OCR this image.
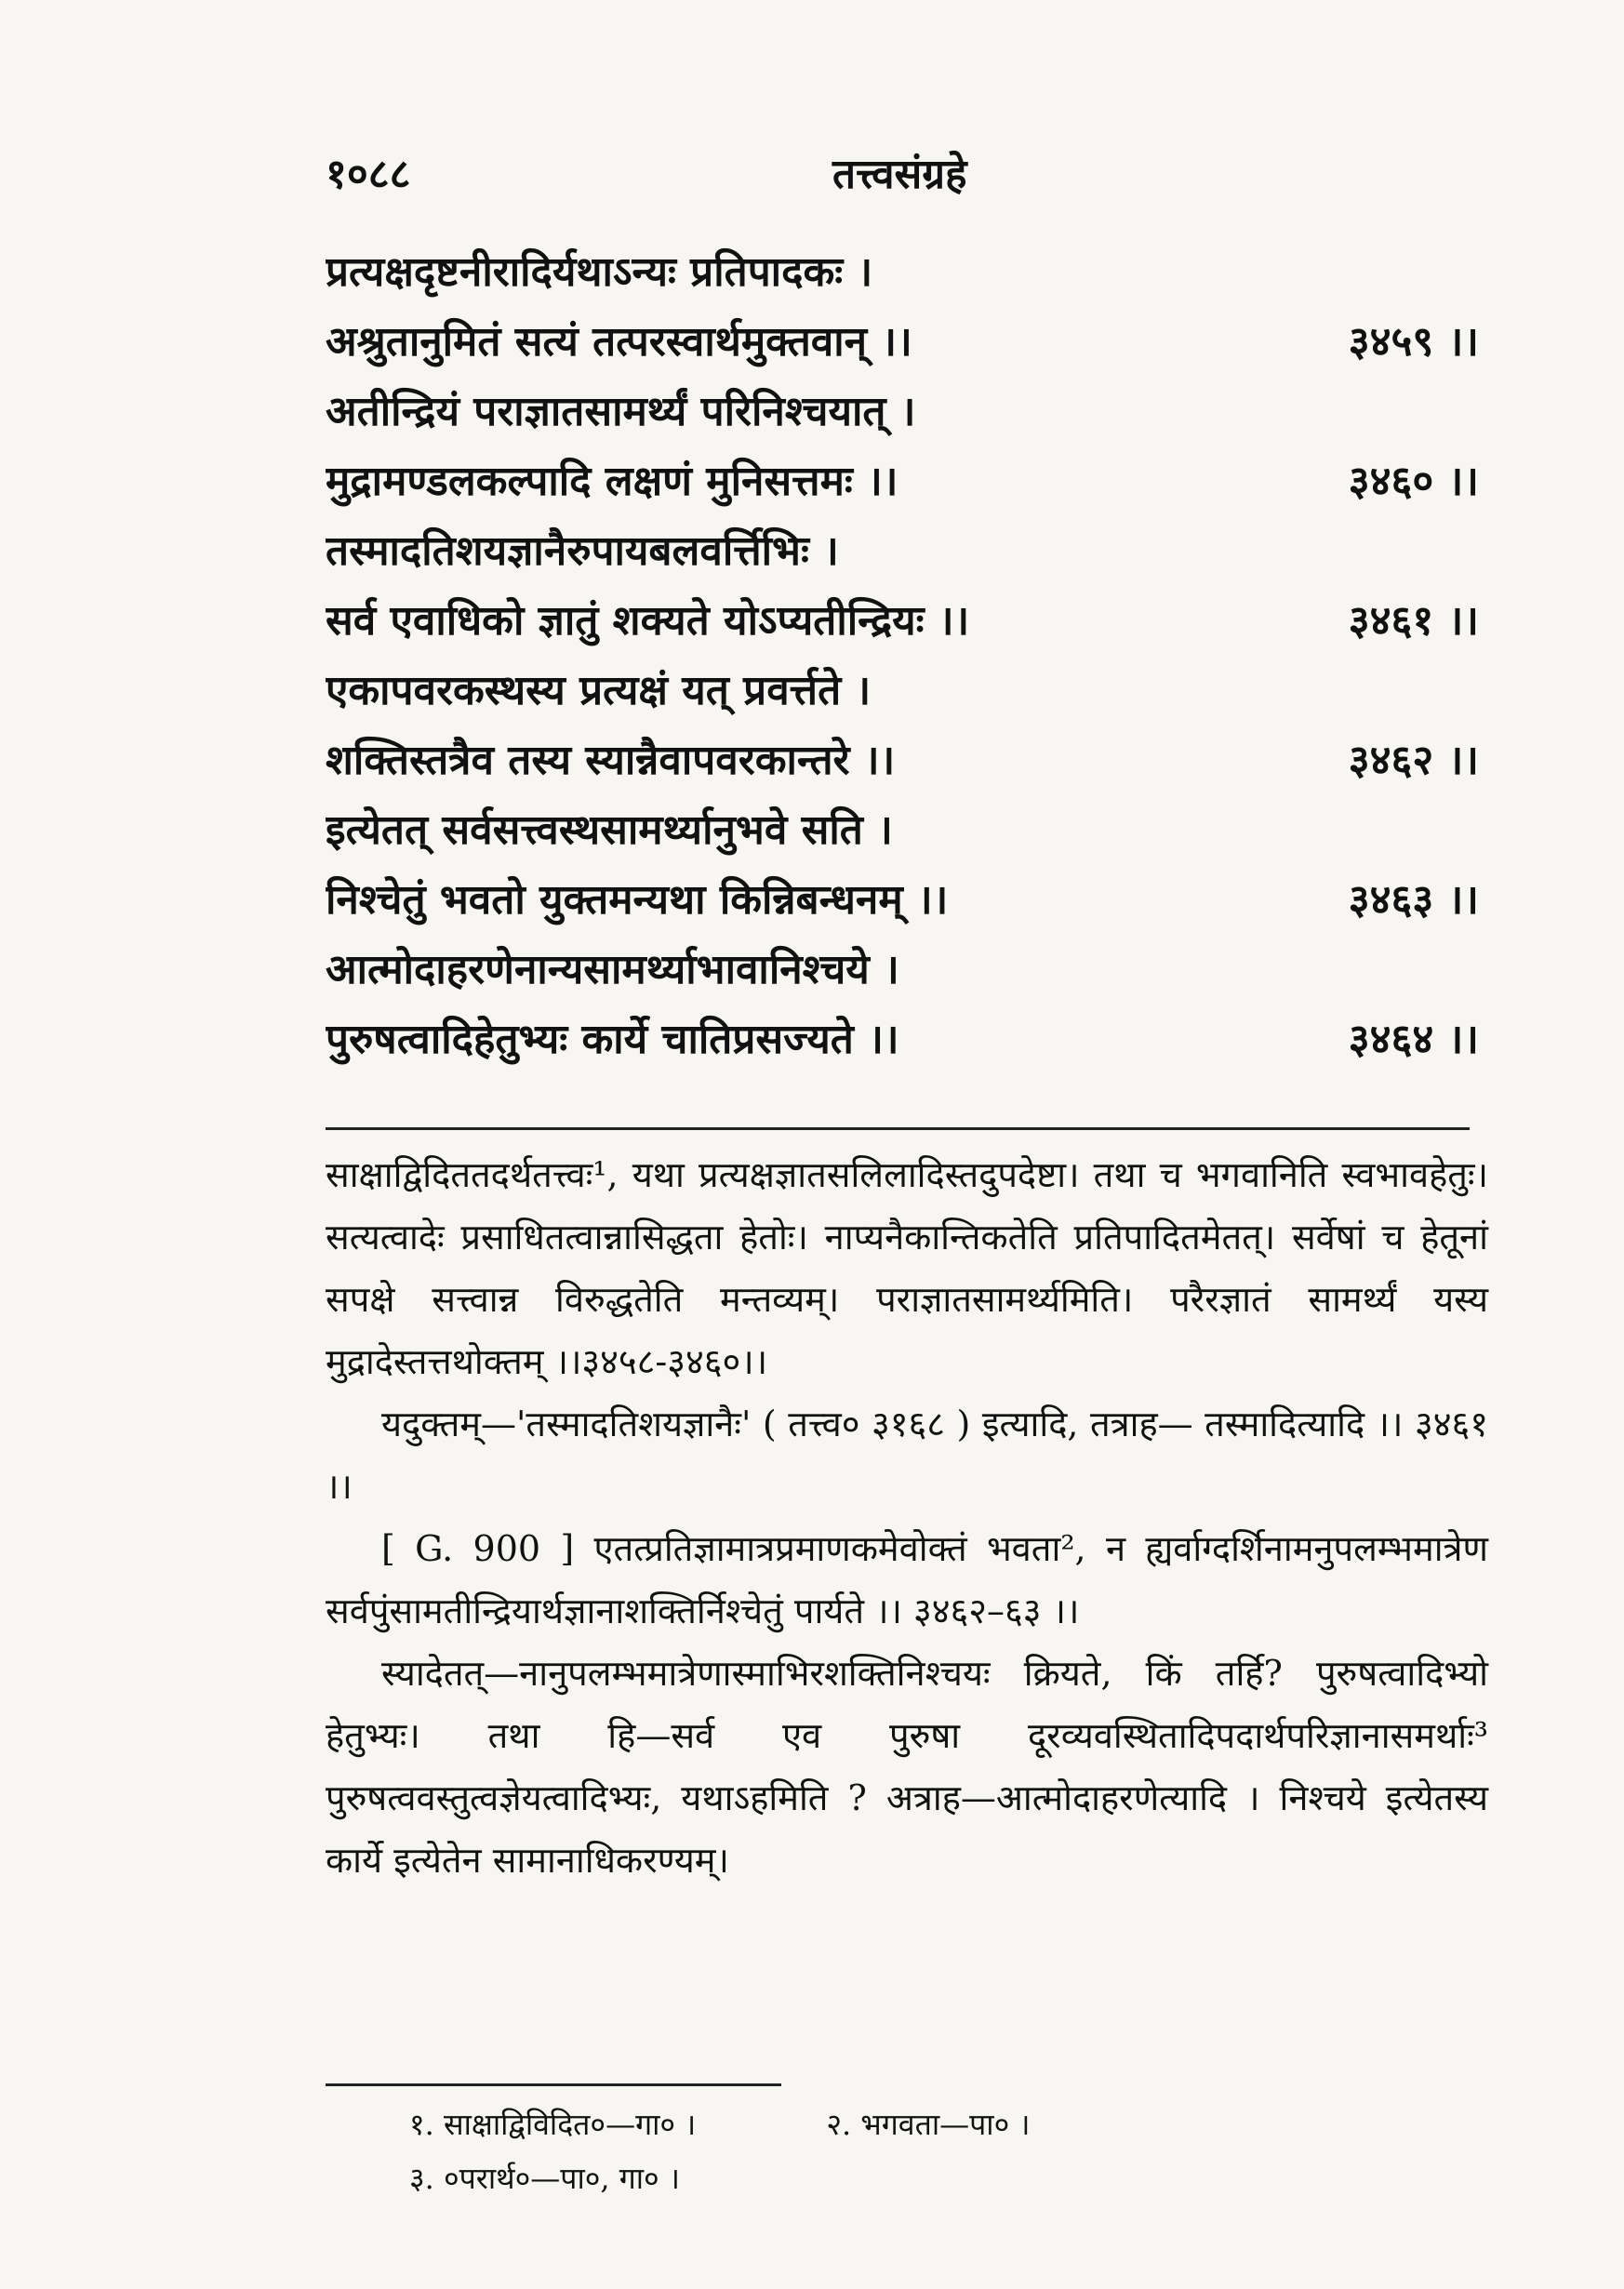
१०८८	तत्त्वसंग्रहे
प्रत्यक्षदृष्टनीरादिर्यथाऽन्यः प्रतिपादकः ।
अश्रुतानुमितं सत्यं तत्परस्वार्थमुक्तवान् ।।	३४५९ ।।
अतीन्द्रियं पराज्ञातसामर्थ्यं परिनिश्चयात् ।
मुद्रामण्डलकल्पादि लक्षणं मुनिसत्तमः ।।	३४६० ।।
तस्मादतिशयज्ञानैरुपायबलवर्त्तिभिः ।
सर्व एवाधिको ज्ञातुं शक्यते योऽप्यतीन्द्रियः ।।	३४६१ ।।
एकापवरकस्थस्य प्रत्यक्षं यत् प्रवर्त्तते ।
शक्तिस्तत्रैव तस्य स्यान्नैवापवरकान्तरे ।।	३४६२ ।।
इत्येतत् सर्वसत्त्वस्थसामर्थ्यानुभवे सति ।
निश्चेतुं भवतो युक्तमन्यथा किन्निबन्धनम् ।।	३४६३ ।।
आत्मोदाहरणेनान्यसामर्थ्याभावानिश्चये ।
पुरुषत्वादिहेतुभ्यः कार्ये चातिप्रसज्यते ।।	३४६४ ।।

साक्षाद्विदिततदर्थतत्त्वः¹, यथा प्रत्यक्षज्ञातसलिलादिस्तदुपदेष्टा। तथा च भगवानिति स्वभावहेतुः। सत्यत्वादेः प्रसाधितत्वान्नासिद्धता हेतोः। नाप्यनैकान्तिकतेति प्रतिपादितमेतत्। सर्वेषां च हेतूनां सपक्षे सत्त्वान्न विरुद्धतेति मन्तव्यम्। पराज्ञातसामर्थ्यमिति। परैरज्ञातं सामर्थ्यं यस्य मुद्रादेस्तत्तथोक्तम् ।।३४५८-३४६०।।

यदुक्तम्—'तस्मादतिशयज्ञानैः' ( तत्त्व० ३१६८ ) इत्यादि, तत्राह— तस्मादित्यादि ।। ३४६१ ।।

[ G. 900 ] एतत्प्रतिज्ञामात्रप्रमाणकमेवोक्तं भवता², न ह्यर्वाग्दर्शिनामनुपलम्भमात्रेण सर्वपुंसामतीन्द्रियार्थज्ञानाशक्तिर्निश्चेतुं पार्यते ।। ३४६२–६३ ।।

स्यादेतत्—नानुपलम्भमात्रेणास्माभिरशक्तिनिश्चयः क्रियते, किं तर्हि? पुरुषत्वादिभ्यो हेतुभ्यः। तथा हि—सर्व एव पुरुषा दूरव्यवस्थितादिपदार्थपरिज्ञानासमर्थाः³ पुरुषत्ववस्तुत्वज्ञेयत्वादिभ्यः, यथाऽहमिति ? अत्राह—आत्मोदाहरणेत्यादि । निश्चये इत्येतस्य कार्ये इत्येतेन सामानाधिकरण्यम्।

१. साक्षाद्विविदित०—गा० ।	२. भगवता—पा० ।
३. ०परार्थ०—पा०, गा० ।
